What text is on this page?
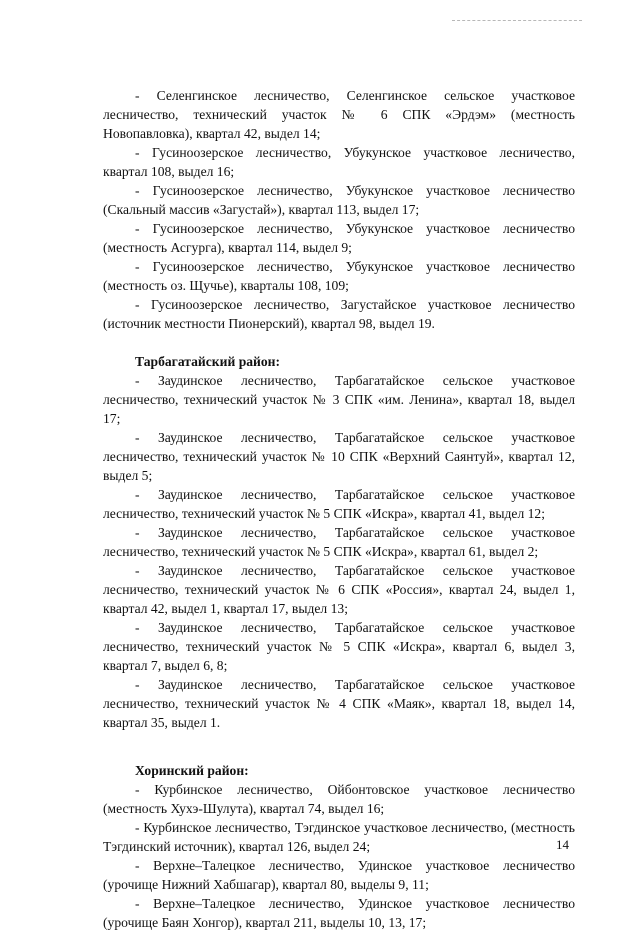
- Селенгинское лесничество, Селенгинское сельское участковое лесничество, технический участок № 6 СПК «Эрдэм» (местность Новопавловка), квартал 42, выдел 14;

- Гусиноозерское лесничество, Убукунское участковое лесничество, квартал 108, выдел 16;

- Гусиноозерское лесничество, Убукунское участковое лесничество (Скальный массив «Загустай»), квартал 113, выдел 17;

- Гусиноозерское лесничество, Убукунское участковое лесничество (местность Асгурга), квартал 114, выдел 9;

- Гусиноозерское лесничество, Убукунское участковое лесничество (местность оз. Щучье), кварталы 108, 109;

- Гусиноозерское лесничество, Загустайское участковое лесничество (источник местности Пионерский), квартал 98, выдел 19.

Тарбагатайский район:

- Заудинское лесничество, Тарбагатайское сельское участковое лесничество, технический участок № 3 СПК «им. Ленина», квартал 18, выдел 17;

- Заудинское лесничество, Тарбагатайское сельское участковое лесничество, технический участок № 10 СПК «Верхний Саянтуй», квартал 12, выдел 5;

- Заудинское лесничество, Тарбагатайское сельское участковое лесничество, технический участок № 5 СПК «Искра», квартал 41, выдел 12;

- Заудинское лесничество, Тарбагатайское сельское участковое лесничество, технический участок № 5 СПК «Искра», квартал 61, выдел 2;

- Заудинское лесничество, Тарбагатайское сельское участковое лесничество, технический участок № 6 СПК «Россия», квартал 24, выдел 1, квартал 42, выдел 1, квартал 17, выдел 13;

- Заудинское лесничество, Тарбагатайское сельское участковое лесничество, технический участок № 5 СПК «Искра», квартал 6, выдел 3, квартал 7, выдел 6, 8;

- Заудинское лесничество, Тарбагатайское сельское участковое лесничество, технический участок № 4 СПК «Маяк», квартал 18, выдел 14, квартал 35, выдел 1.

Хоринский район:

- Курбинское лесничество, Ойбонтовское участковое лесничество (местность Хухэ-Шулута), квартал 74, выдел 16;

- Курбинское лесничество, Тэгдинское участковое лесничество, (местность Тэгдинский источник), квартал 126, выдел 24;

- Верхне–Талецкое лесничество, Удинское участковое лесничество (урочище Нижний Хабшагар), квартал 80, выделы 9, 11;

- Верхне–Талецкое лесничество, Удинское участковое лесничество (урочище Баян Хонгор), квартал 211, выделы 10, 13, 17;

14
